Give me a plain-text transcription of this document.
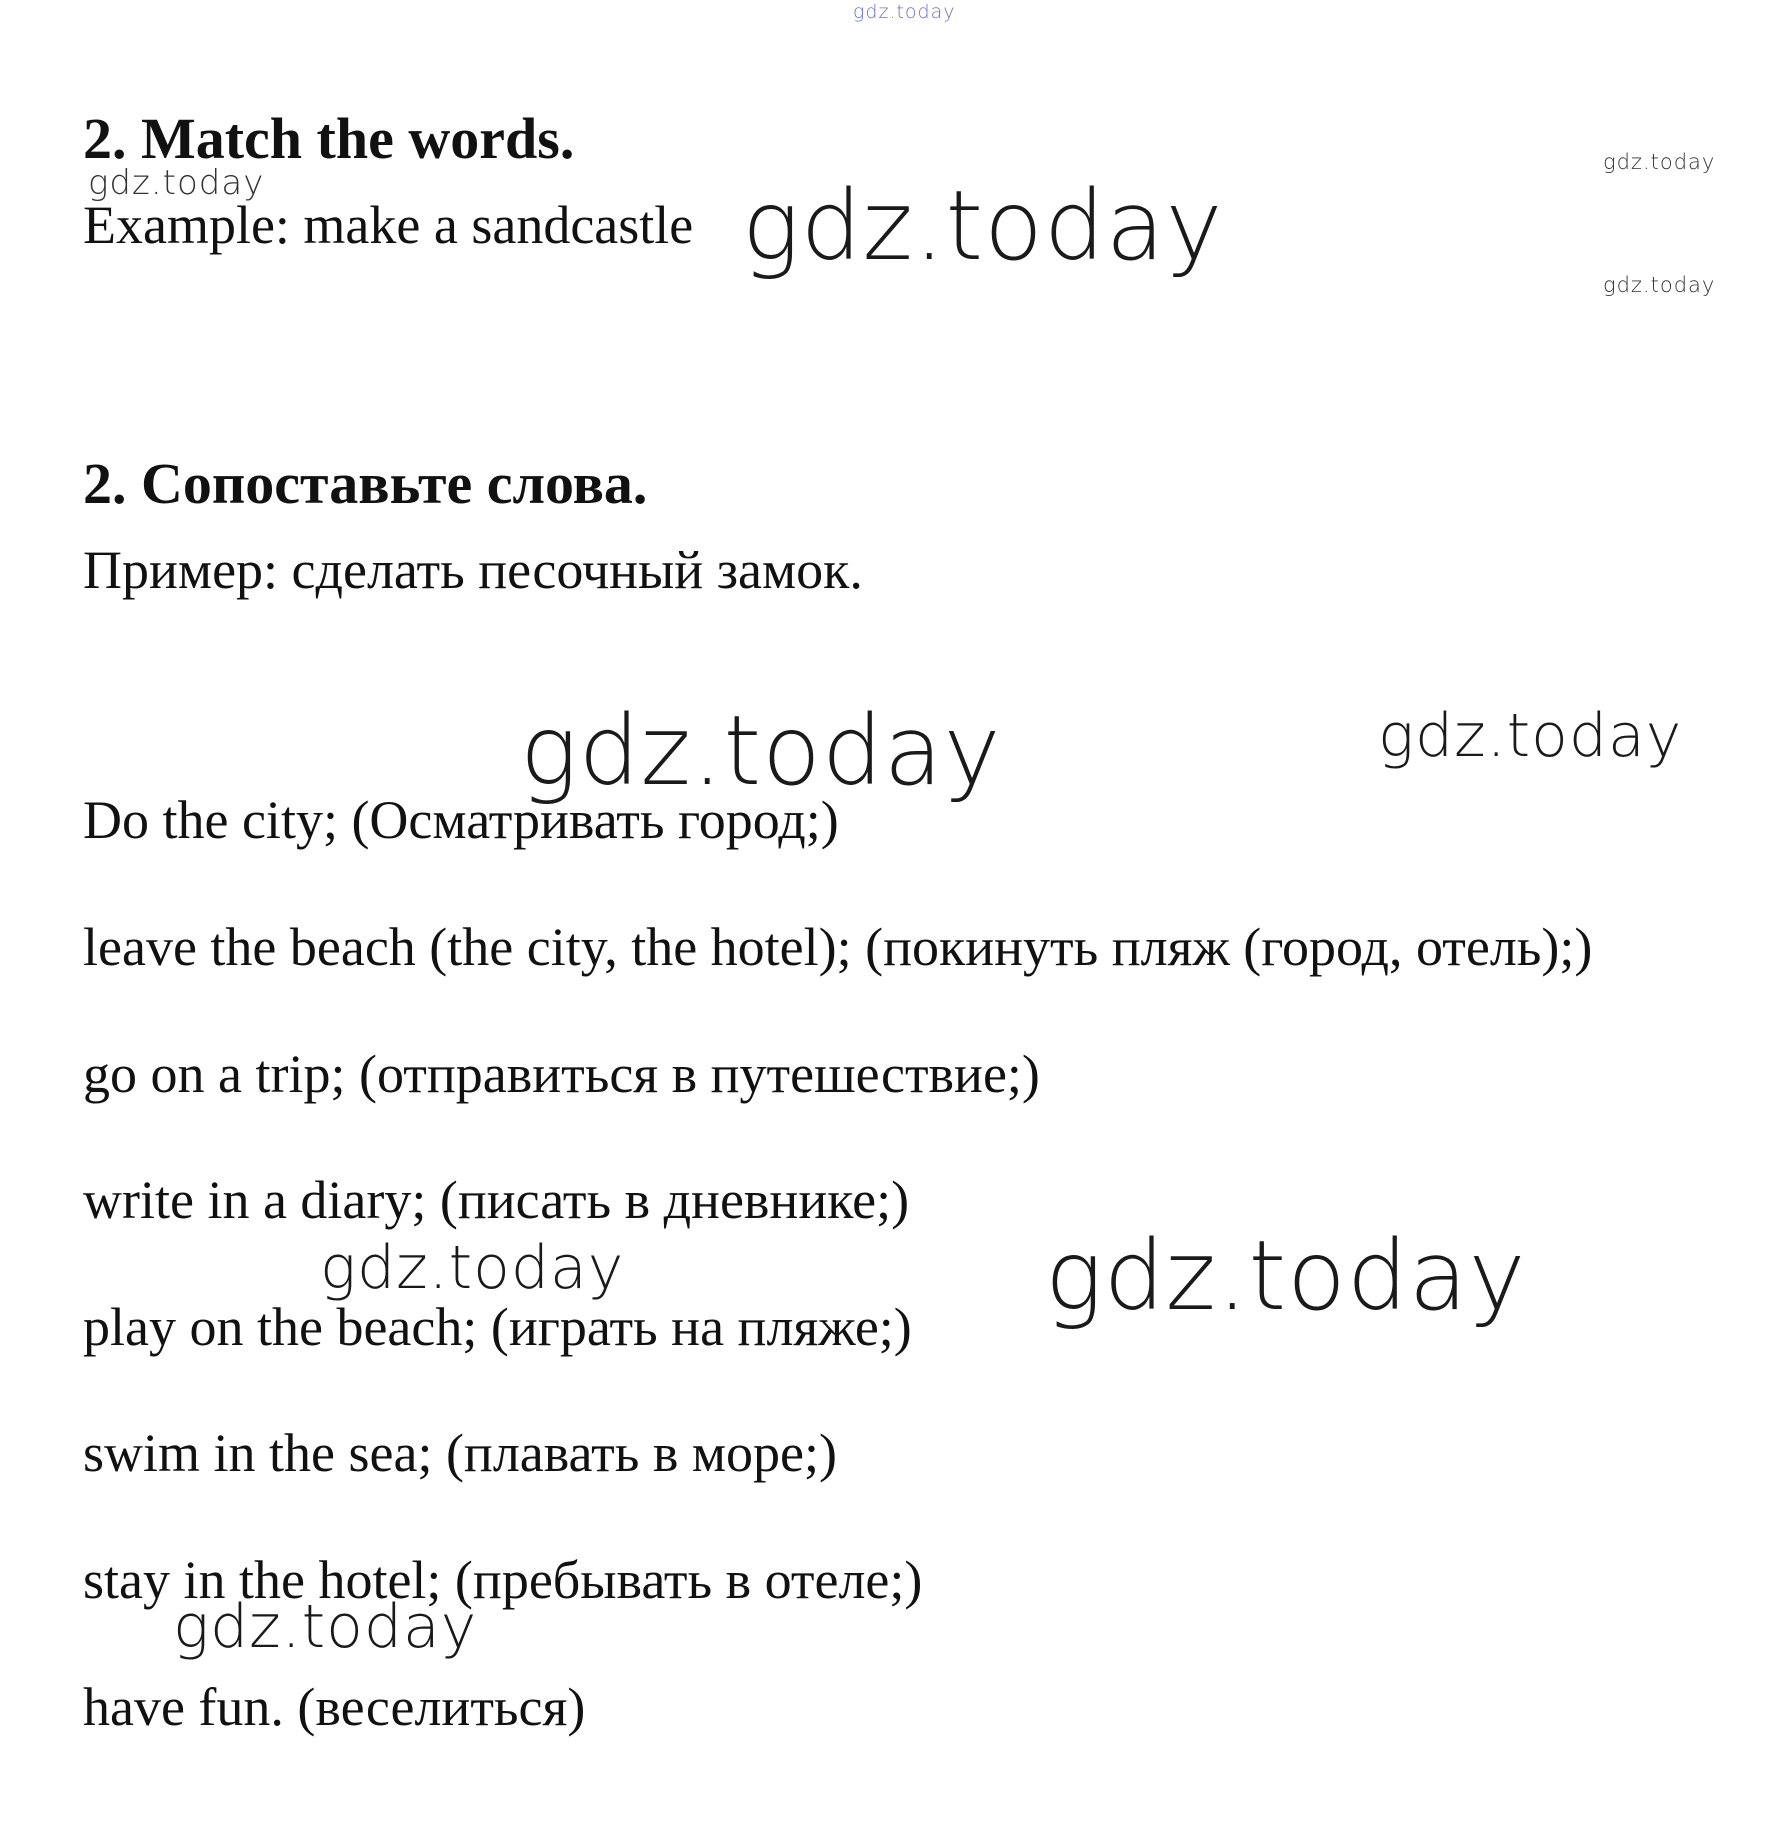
gdz.today
gdz.today	gdz.today
gdz.today
gdz.today
gdz.today	gdz.today
gdz.today	gdz.today
gdz.today
2. Match the words.
Example: make a sandcastle
2. Сопоставьте слова.
Пример: сделать песочный замок.
Do the city; (Осматривать город;)
leave the beach (the city, the hotel); (покинуть пляж (город, отель);)
go on a trip; (отправиться в путешествие;)
write in a diary; (писать в дневнике;)
play on the beach; (играть на пляже;)
swim in the sea; (плавать в море;)
stay in the hotel; (пребывать в отеле;)
have fun. (веселиться)
